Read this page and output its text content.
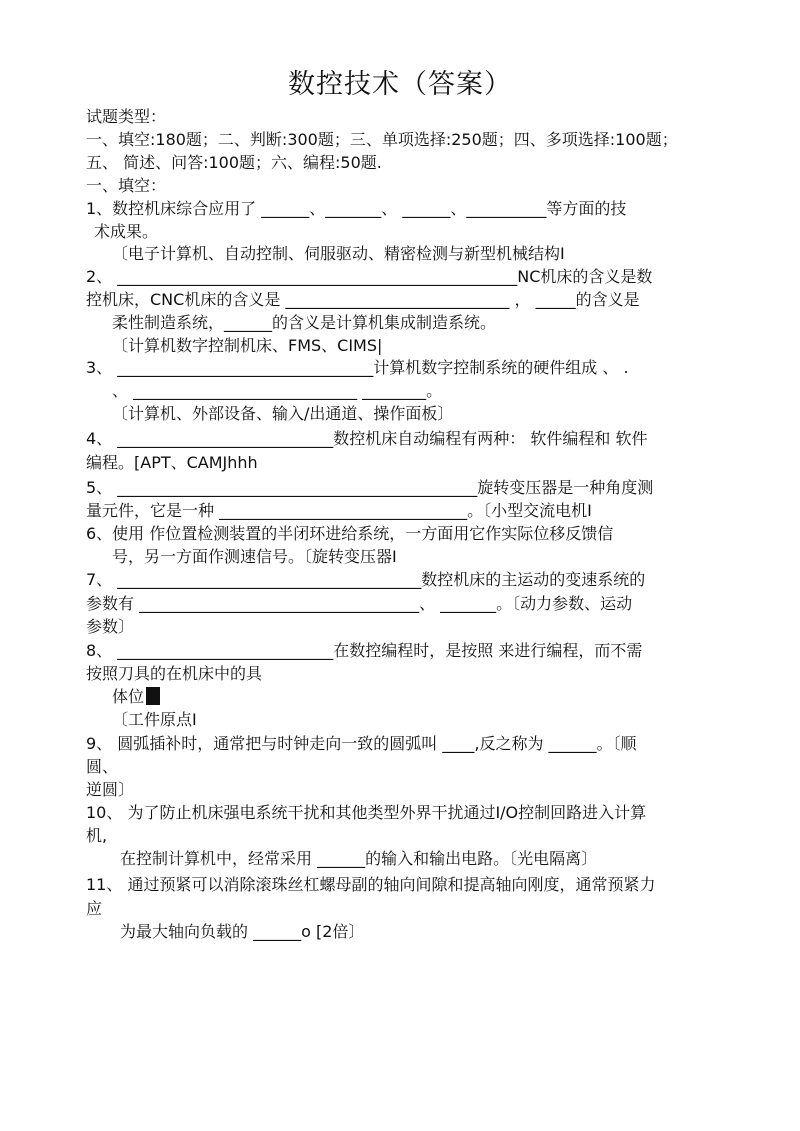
数控技术（答案）
试题类型：
一、填空:180题；二、判断:300题；三、单项选择:250题；四、多项选择:100题；
五、 简述、问答:100题；六、编程:50题.
一、填空：
1、数控机床综合应用了 ______、_______、 ______、__________等方面的技
术成果。
〔电子计算机、自动控制、伺服驱动、精密检测与新型机械结构I
2、 __________________________________________________NC机床的含义是数
控机床，CNC机床的含义是 ____________________________ ， _____的含义是
柔性制造系统，______的含义是计算机集成制造系统。
〔计算机数字控制机床、FMS、CIMS|
3、 ________________________________计算机数字控制系统的硬件组成 、 .
、 ____________________________ ________。
〔计算机、外部设备、输入/出通道、操作面板〕
4、 ___________________________数控机床自动编程有两种： 软件编程和 软件
编程。[APT、CAMJhhh
5、 _____________________________________________旋转变压器是一种角度测
量元件，它是一种 _______________________________。〔小型交流电机I
6、使用 作位置检测装置的半闭环进给系统，一方面用它作实际位移反馈信
号，另一方面作测速信号。〔旋转变压器I
7、 ______________________________________数控机床的主运动的变速系统的
参数有 ___________________________________、 _______。〔动力参数、运动
参数〕
8、 ___________________________在数控编程时，是按照 来进行编程，而不需
按照刀具的在机床中的具
体位
〔工件原点I
9、 圆弧插补时，通常把与时钟走向一致的圆弧叫 ____,反之称为 ______。〔顺
圆、
逆圆〕
10、 为了防止机床强电系统干扰和其他类型外界干扰通过I/O控制回路进入计算
机,
在控制计算机中，经常采用 ______的输入和输出电路。〔光电隔离〕
11、 通过预紧可以消除滚珠丝杠螺母副的轴向间隙和提高轴向刚度，通常预紧力
应
为最大轴向负载的 ______o [2倍〕
